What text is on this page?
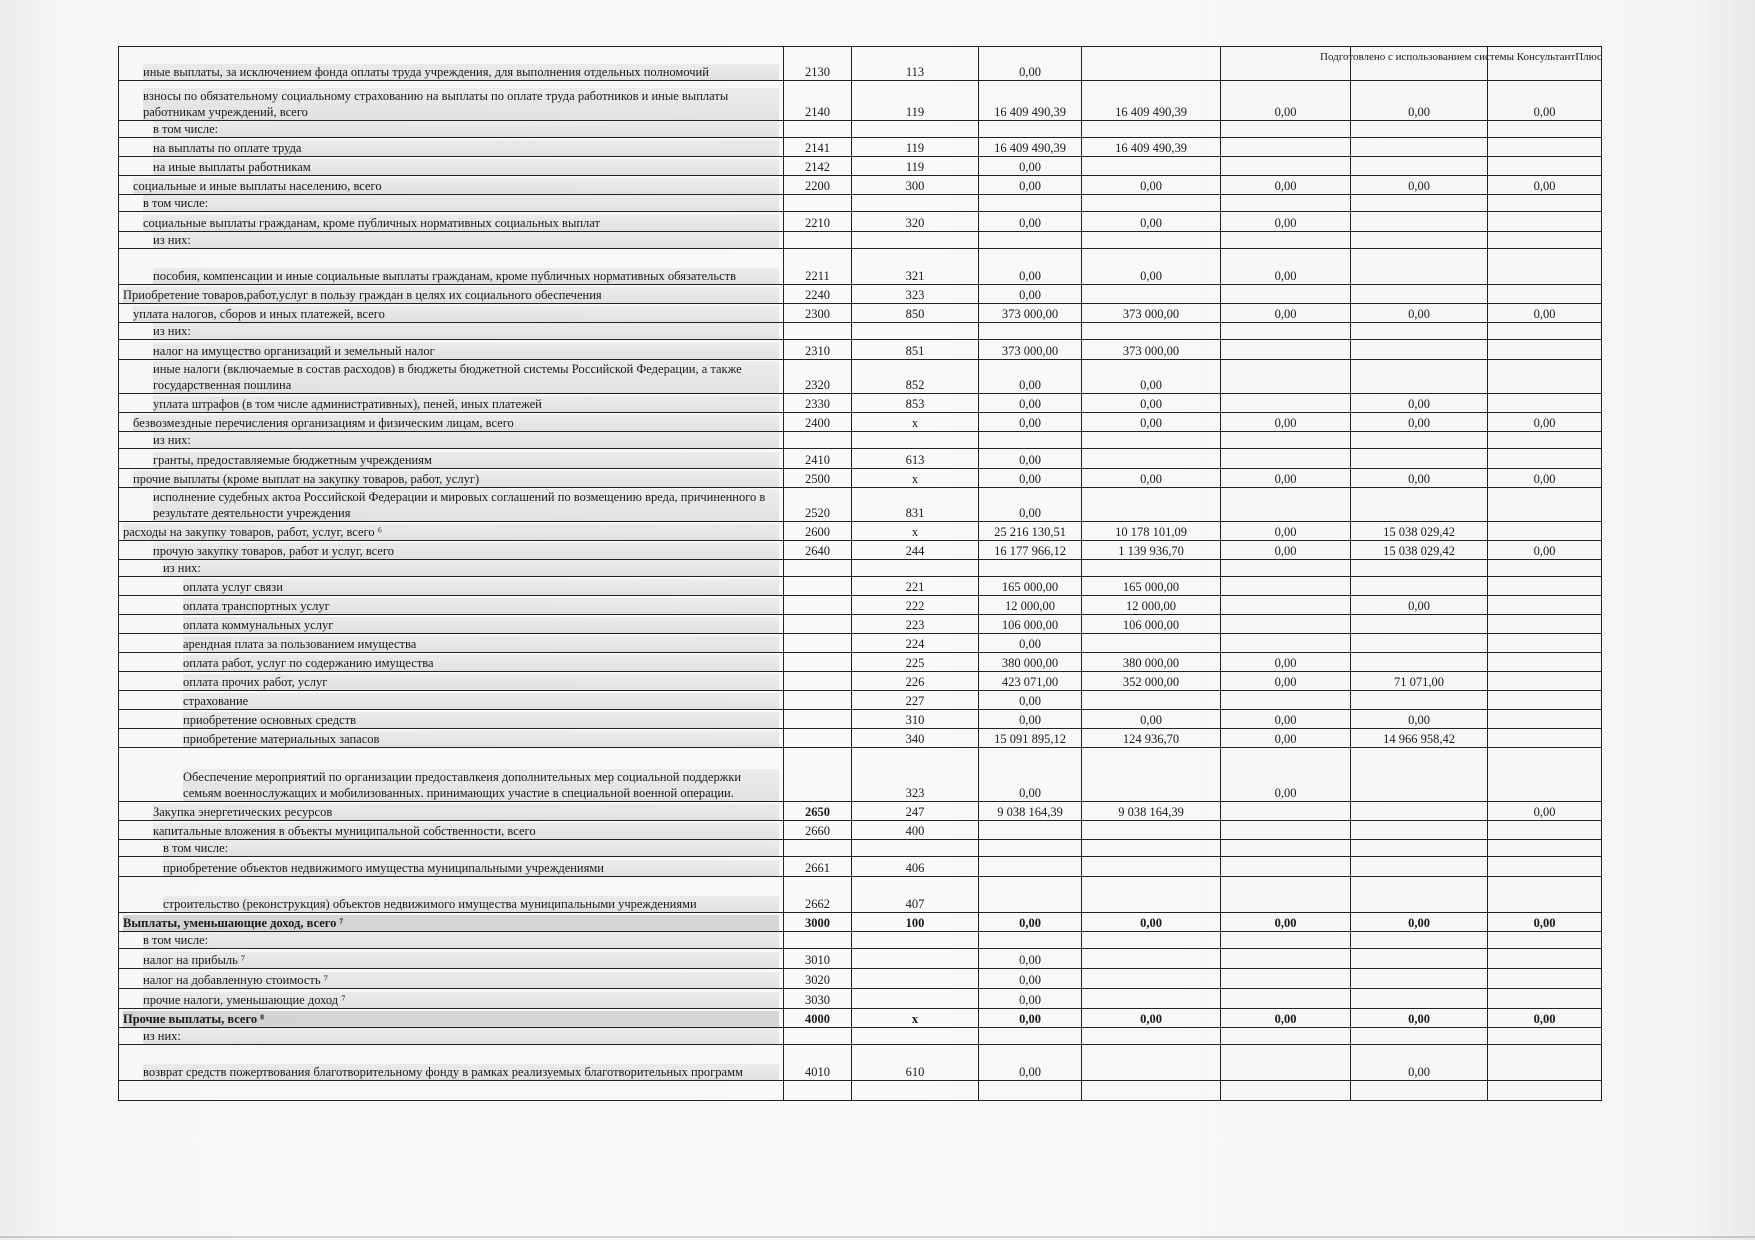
Подготовлено с использованием системы КонсультантПлюс
иные выплаты, за исключением фонда оплаты труда учреждения, для выполнения отдельных полномочий	2130	113	0,00				

взносы по обязательному социальному страхованию на выплаты по оплате труда работников и иные выплаты работникам учреждений, всего	2140	119	16 409 490,39	16 409 490,39	0,00	0,00	0,00

в том числе:							

на выплаты по оплате труда	2141	119	16 409 490,39	16 409 490,39			

на иные выплаты работникам	2142	119	0,00				

социальные и иные выплаты населению, всего	2200	300	0,00	0,00	0,00	0,00	0,00

в том числе:							

социальные выплаты гражданам, кроме публичных нормативных социальных выплат	2210	320	0,00	0,00	0,00		

из них:							

пособия, компенсации и иные социальные выплаты гражданам, кроме публичных нормативных обязательств	2211	321	0,00	0,00	0,00		

Приобретение товаров,работ,услуг в пользу граждан в целях их социального обеспечения	2240	323	0,00				

уплата налогов, сборов и иных платежей, всего	2300	850	373 000,00	373 000,00	0,00	0,00	0,00

из них:							

налог на имущество организаций и земельный налог	2310	851	373 000,00	373 000,00			

иные налоги (включаемые в состав расходов) в бюджеты бюджетной системы Российской Федерации, а также государственная пошлина	2320	852	0,00	0,00			

уплата штрафов (в том числе административных), пеней, иных платежей	2330	853	0,00	0,00		0,00	

безвозмездные перечисления организациям и физическим лицам, всего	2400	x	0,00	0,00	0,00	0,00	0,00

из них:							

гранты, предоставляемые бюджетным учреждениям	2410	613	0,00				

прочие выплаты (кроме выплат на закупку товаров, работ, услуг)	2500	x	0,00	0,00	0,00	0,00	0,00

исполнение судебных актоа Российской Федерации и мировых соглашений по возмещению вреда, причиненного в результате деятельности учреждения	2520	831	0,00				

расходы на закупку товаров, работ, услуг, всего ⁶	2600	x	25 216 130,51	10 178 101,09	0,00	15 038 029,42	

прочую закупку товаров, работ и услуг, всего	2640	244	16 177 966,12	1 139 936,70	0,00	15 038 029,42	0,00

из них:							

оплата услуг связи		221	165 000,00	165 000,00			

оплата транспортных услуг		222	12 000,00	12 000,00		0,00	

оплата коммунальных услуг		223	106 000,00	106 000,00			

арендная плата за пользованием имущества		224	0,00				

оплата работ, услуг по содержанию имущества		225	380 000,00	380 000,00	0,00		

оплата прочих работ, услуг		226	423 071,00	352 000,00	0,00	71 071,00	

страхование		227	0,00				

приобретение основных средств		310	0,00	0,00	0,00	0,00	

приобретение материальных запасов		340	15 091 895,12	124 936,70	0,00	14 966 958,42	

Обеспечение мероприятий по организации предоставлкеия дополнительных мер социальной поддержки семьям военнослужащих и мобилизованных. принимающих участие в специальной военной операции.		323	0,00		0,00		

Закупка энергетических ресурсов	2650	247	9 038 164,39	9 038 164,39			0,00

капитальные вложения в объекты муниципальной собственности, всего	2660	400					

в том числе:							

приобретение объектов недвижимого имущества муниципальными учреждениями	2661	406					

строительство (реконструкция) объектов недвижимого имущества муниципальными учреждениями	2662	407					

Выплаты, уменьшающие доход, всего ⁷	3000	100	0,00	0,00	0,00	0,00	0,00

в том числе:							

налог на прибыль ⁷	3010		0,00				

налог на добавленную стоимость ⁷	3020		0,00				

прочие налоги, уменьшающие доход ⁷	3030		0,00				

Прочие выплаты, всего ⁸	4000	x	0,00	0,00	0,00	0,00	0,00

из них:							

возврат средств пожертвования благотворительному фонду в рамках реализуемых благотворительных программ	4010	610	0,00			0,00	
